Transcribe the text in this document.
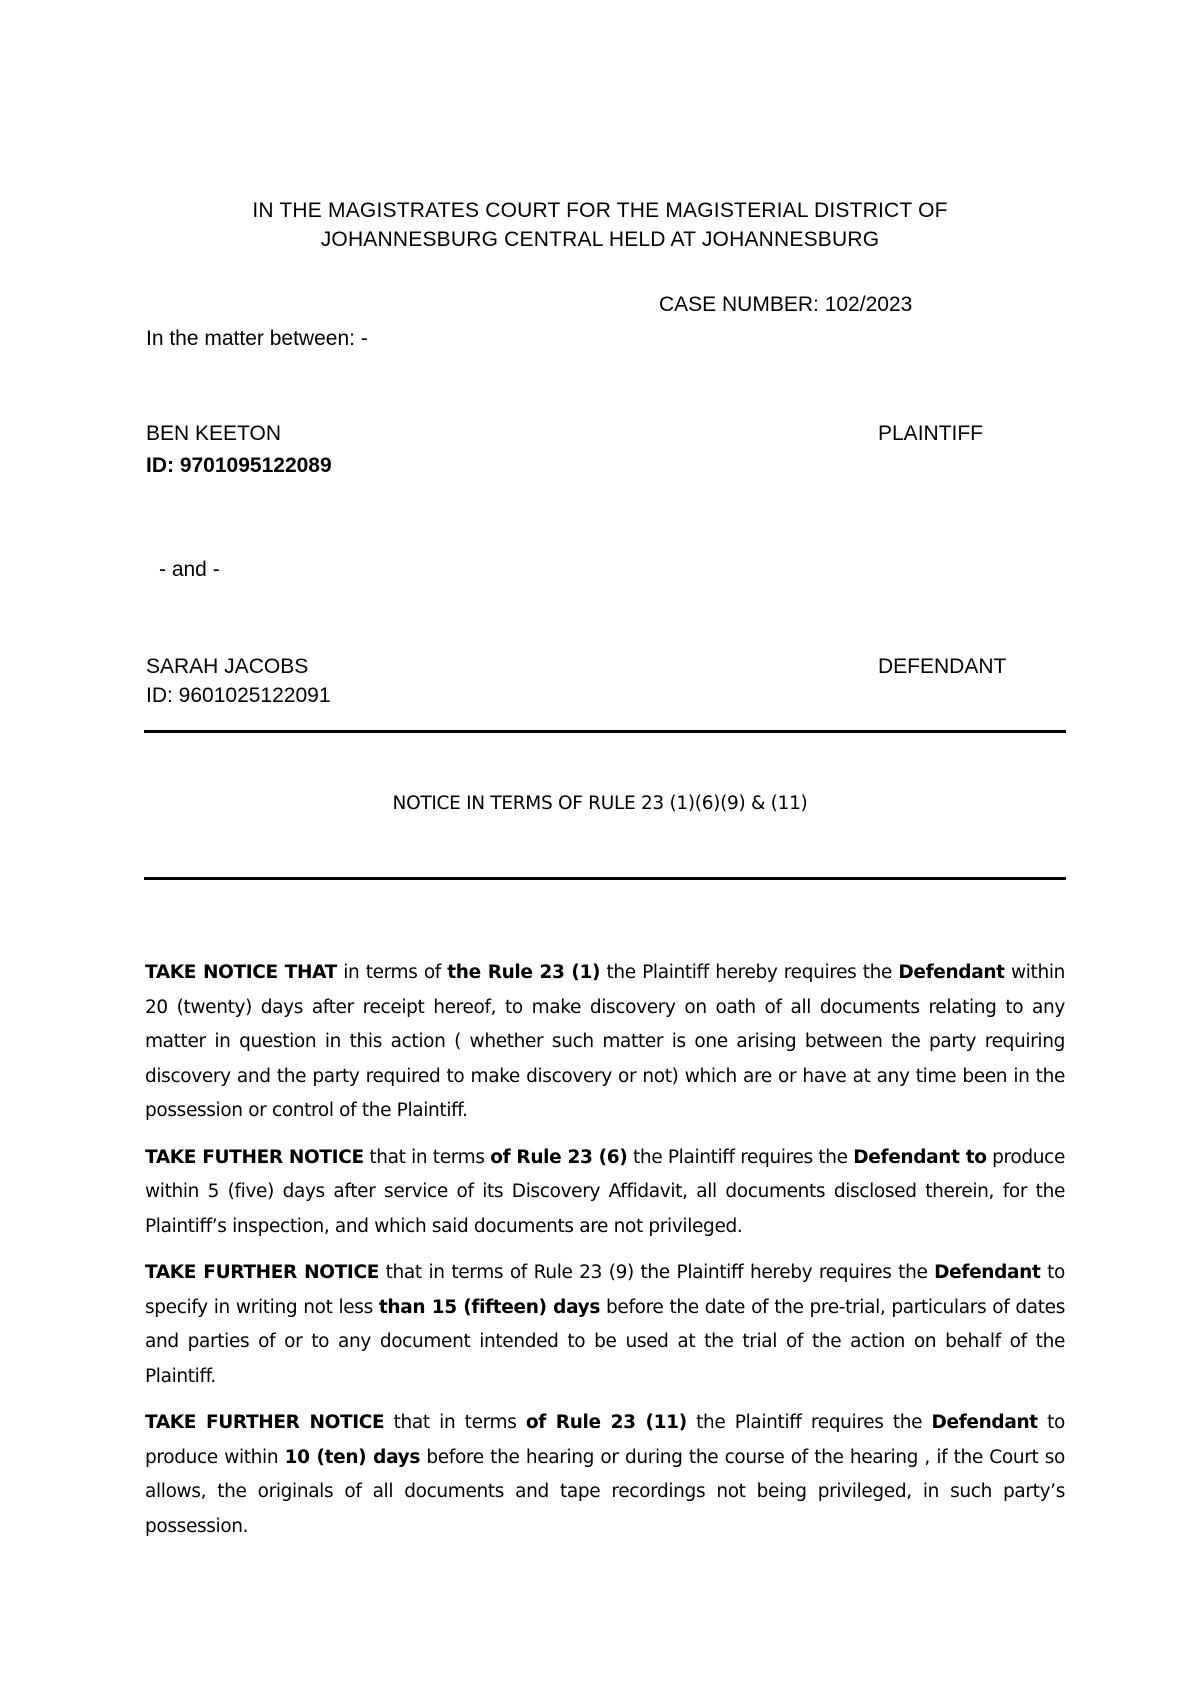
IN THE MAGISTRATES COURT FOR THE MAGISTERIAL DISTRICT OF
JOHANNESBURG CENTRAL HELD AT JOHANNESBURG
CASE NUMBER: 102/2023
In the matter between: -
BEN KEETON	PLAINTIFF
ID: 9701095122089
- and -
SARAH JACOBS	DEFENDANT
ID: 9601025122091
NOTICE IN TERMS OF RULE 23 (1)(6)(9) & (11)

TAKE NOTICE THAT in terms of the Rule 23 (1) the Plaintiff hereby requires the Defendant within 20 (twenty) days after receipt hereof, to make discovery on oath of all documents relating to any matter in question in this action ( whether such matter is one arising between the party requiring discovery and the party required to make discovery or not) which are or have at any time been in the possession or control of the Plaintiff.

TAKE FUTHER NOTICE that in terms of Rule 23 (6) the Plaintiff requires the Defendant to produce within 5 (five) days after service of its Discovery Affidavit, all documents disclosed therein, for the Plaintiff’s inspection, and which said documents are not privileged.

TAKE FURTHER NOTICE that in terms of Rule 23 (9) the Plaintiff hereby requires the Defendant to specify in writing not less than 15 (fifteen) days before the date of the pre-trial, particulars of dates and parties of or to any document intended to be used at the trial of the action on behalf of the Plaintiff.

TAKE FURTHER NOTICE that in terms of Rule 23 (11) the Plaintiff requires the Defendant to produce within 10 (ten) days before the hearing or during the course of the hearing , if the Court so allows, the originals of all documents and tape recordings not being privileged, in such party’s possession.
